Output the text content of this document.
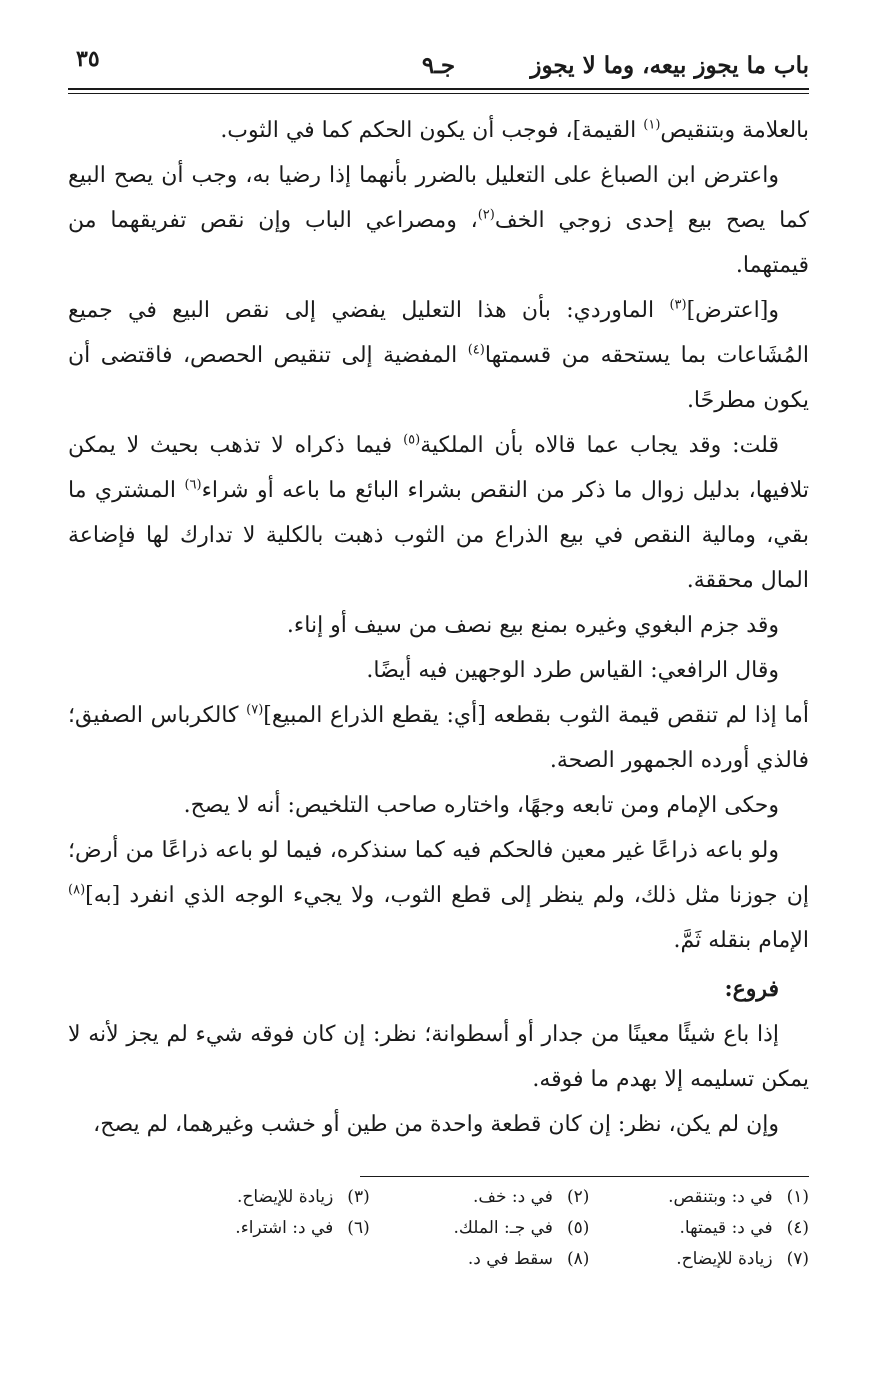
باب ما يجوز بيعه، وما لا يجوز
جـ٩
٣٥

بالعلامة وبتنقيص$^{(١)}$ القيمة]، فوجب أن يكون الحكم كما في الثوب.

واعترض ابن الصباغ على التعليل بالضرر بأنهما إذا رضيا به، وجب أن يصح البيع كما يصح بيع إحدى زوجي الخف$^{(٢)}$، ومصراعي الباب وإن نقص تفريقهما من قيمتهما.

و[اعترض]$^{(٣)}$ الماوردي: بأن هذا التعليل يفضي إلى نقص البيع في جميع المُشَاعات بما يستحقه من قسمتها$^{(٤)}$ المفضية إلى تنقيص الحصص، فاقتضى أن يكون مطرحًا.

قلت: وقد يجاب عما قالاه بأن الملكية$^{(٥)}$ فيما ذكراه لا تذهب بحيث لا يمكن تلافيها، بدليل زوال ما ذكر من النقص بشراء البائع ما باعه أو شراء$^{(٦)}$ المشتري ما بقي، ومالية النقص في بيع الذراع من الثوب ذهبت بالكلية لا تدارك لها فإضاعة المال محققة.

وقد جزم البغوي وغيره بمنع بيع نصف من سيف أو إناء.

وقال الرافعي: القياس طرد الوجهين فيه أيضًا.

أما إذا لم تنقص قيمة الثوب بقطعه [أي: يقطع الذراع المبيع]$^{(٧)}$ كالكرباس الصفيق؛ فالذي أورده الجمهور الصحة.

وحكى الإمام ومن تابعه وجهًا، واختاره صاحب التلخيص: أنه لا يصح.

ولو باعه ذراعًا غير معين فالحكم فيه كما سنذكره، فيما لو باعه ذراعًا من أرض؛ إن جوزنا مثل ذلك، ولم ينظر إلى قطع الثوب، ولا يجيء الوجه الذي انفرد [به]$^{(٨)}$ الإمام بنقله ثَمَّ.

فروع:

إذا باع شيئًا معينًا من جدار أو أسطوانة؛ نظر: إن كان فوقه شيء لم يجز لأنه لا يمكن تسليمه إلا بهدم ما فوقه.

وإن لم يكن، نظر: إن كان قطعة واحدة من طين أو خشب وغيرهما، لم يصح،

(١)في د: وبتنقص.
(٢)في د: خف.
(٣)زيادة للإيضاح.
(٤)في د: قيمتها.
(٥)في جـ: الملك.
(٦)في د: اشتراء.
(٧)زيادة للإيضاح.
(٨)سقط في د.
